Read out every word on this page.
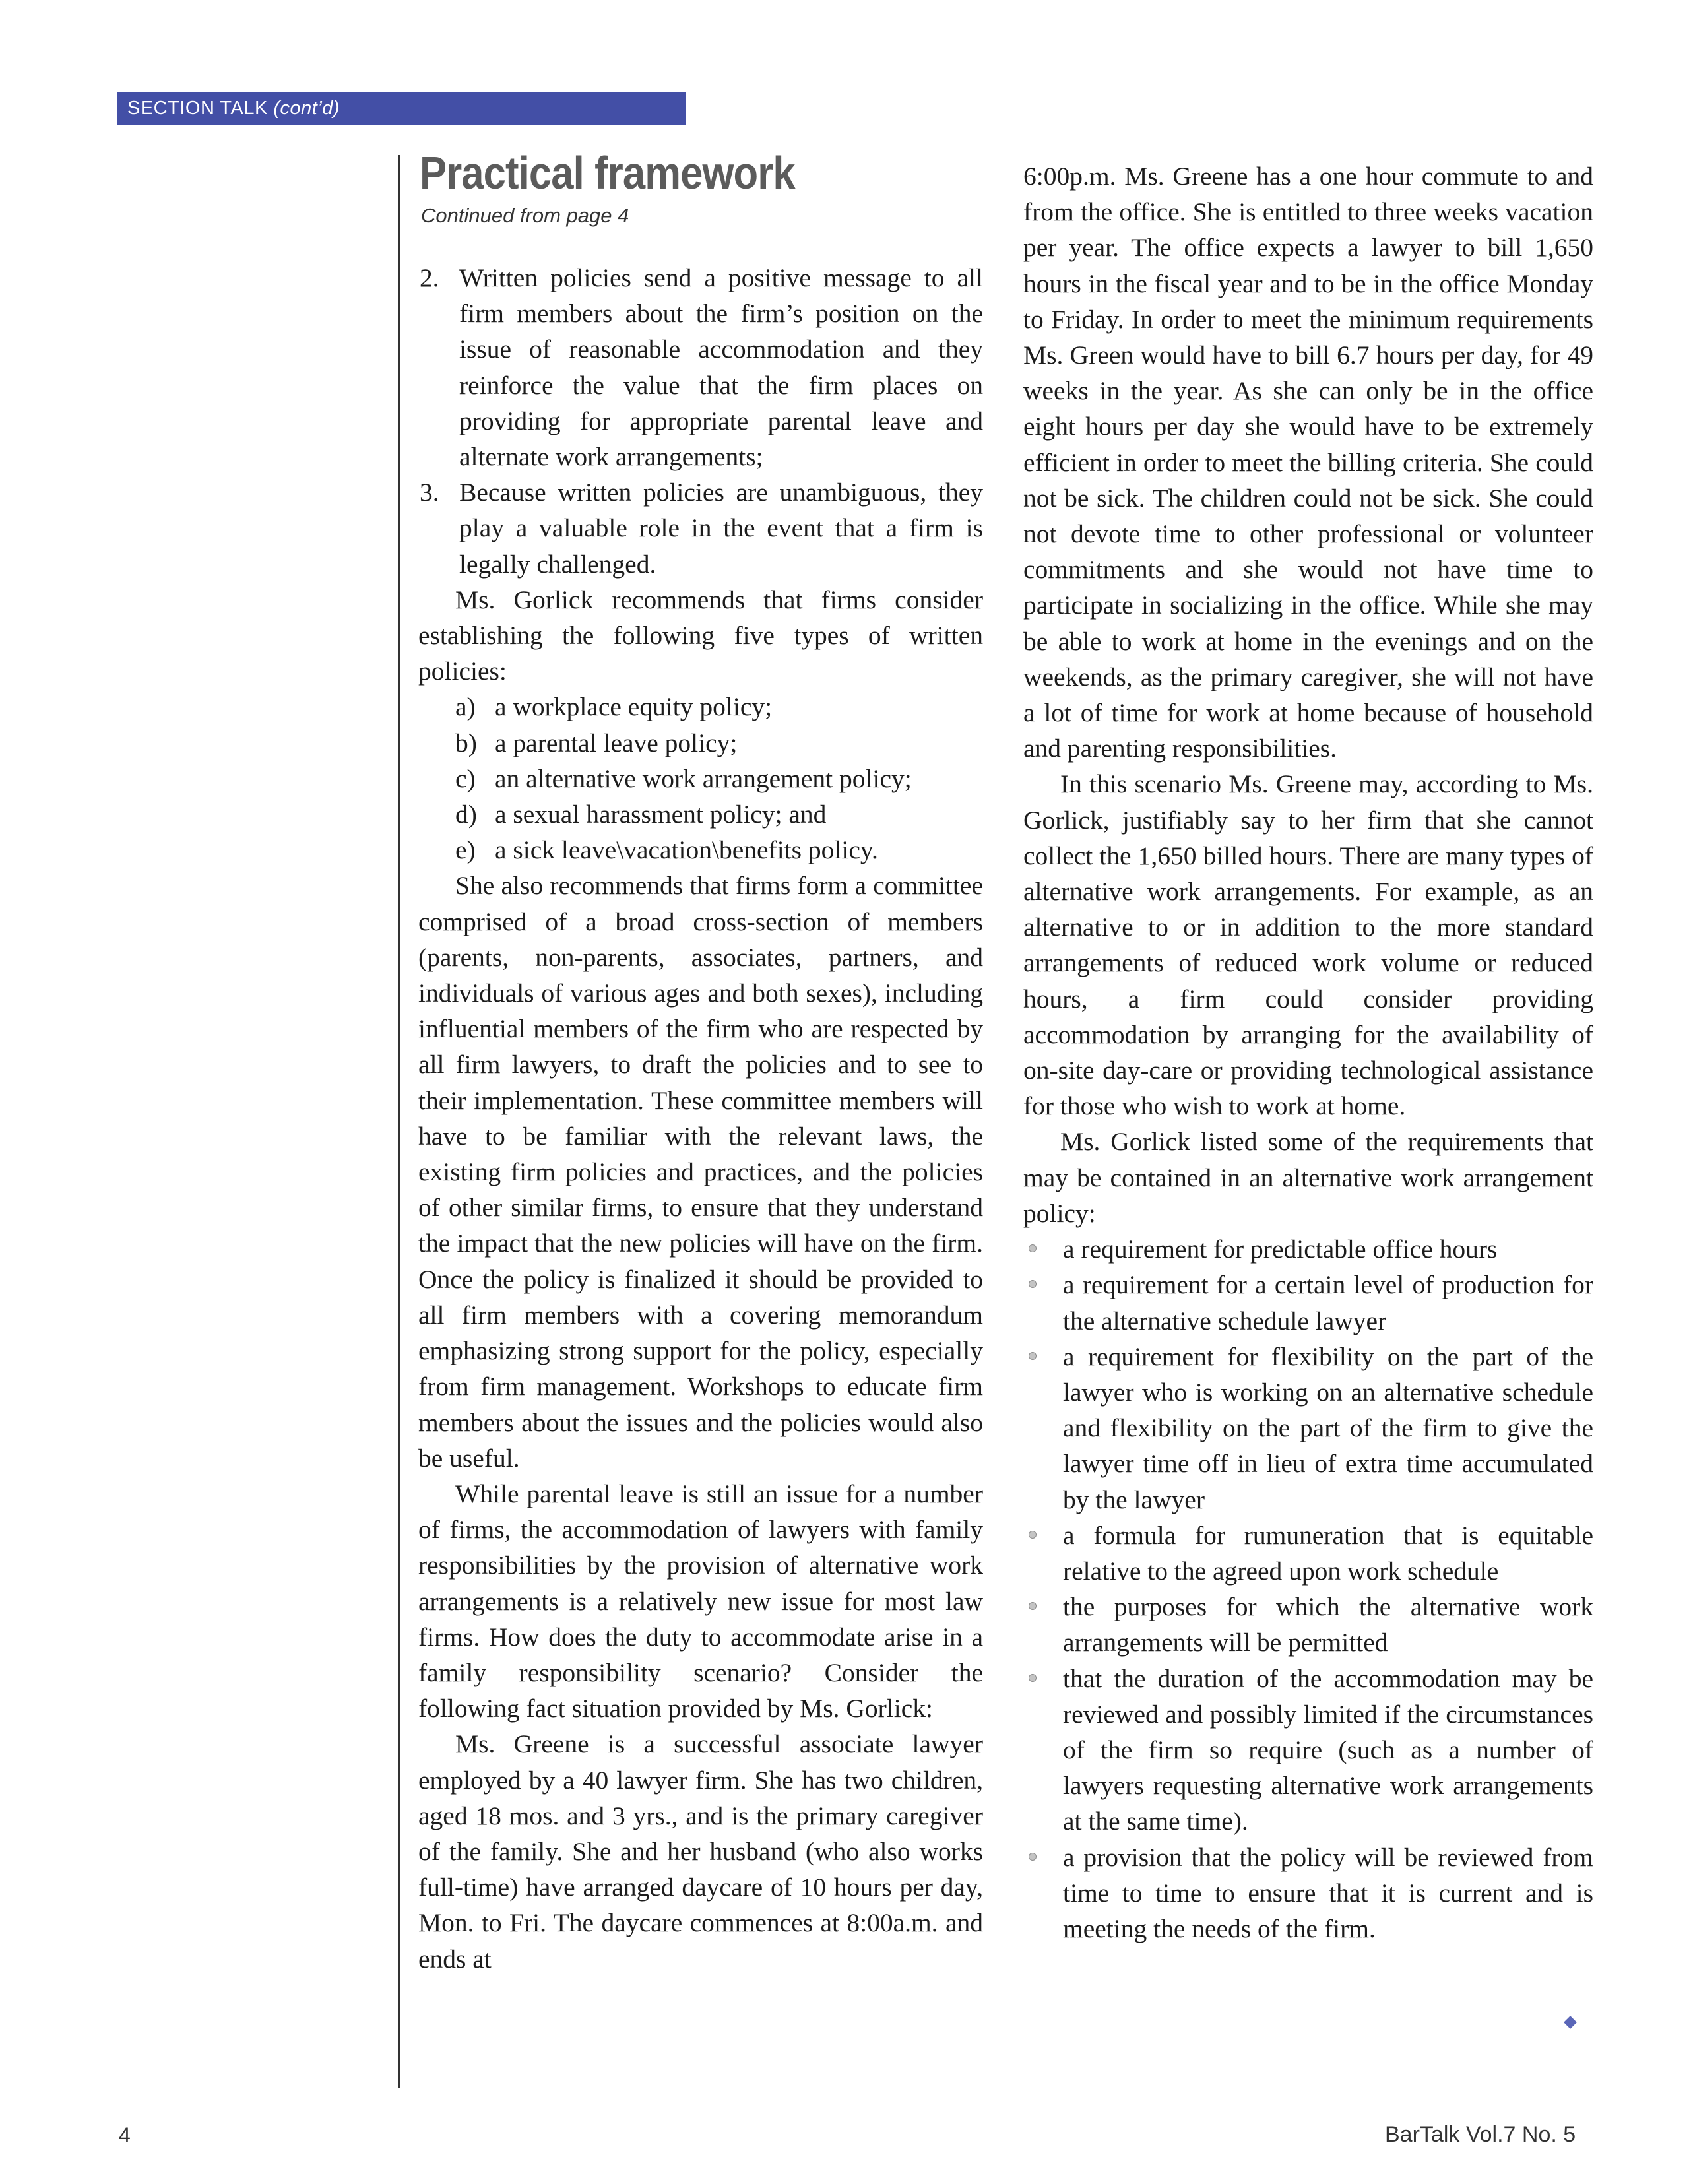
SECTION TALK (cont’d)
Practical framework
Continued from page 4
2. Written policies send a positive message to all firm members about the firm’s position on the issue of reasonable accommodation and they reinforce the value that the firm places on providing for appropriate parental leave and alternate work arrangements;
3. Because written policies are unambiguous, they play a valuable role in the event that a firm is legally challenged.

Ms. Gorlick recommends that firms consider establishing the following five types of written policies:

a) a workplace equity policy;
b) a parental leave policy;
c) an alternative work arrangement policy;
d) a sexual harassment policy; and
e) a sick leave\vacation\benefits policy.

She also recommends that firms form a committee comprised of a broad cross-section of members (parents, non-parents, associates, partners, and individuals of various ages and both sexes), including influential members of the firm who are respected by all firm lawyers, to draft the policies and to see to their implementation. These committee members will have to be familiar with the relevant laws, the existing firm policies and practices, and the policies of other similar firms, to ensure that they understand the impact that the new policies will have on the firm. Once the policy is finalized it should be provided to all firm members with a covering memorandum emphasizing strong support for the policy, especially from firm management. Workshops to educate firm members about the issues and the policies would also be useful.

While parental leave is still an issue for a number of firms, the accommodation of lawyers with family responsibilities by the provision of alternative work arrangements is a relatively new issue for most law firms. How does the duty to accommodate arise in a family responsibility scenario? Consider the following fact situation provided by Ms. Gorlick:

Ms. Greene is a successful associate lawyer employed by a 40 lawyer firm. She has two children, aged 18 mos. and 3 yrs., and is the primary caregiver of the family. She and her husband (who also works full-time) have arranged daycare of 10 hours per day, Mon. to Fri. The daycare commences at 8:00a.m. and ends at

6:00p.m. Ms. Greene has a one hour commute to and from the office. She is entitled to three weeks vacation per year. The office expects a lawyer to bill 1,650 hours in the fiscal year and to be in the office Monday to Friday. In order to meet the minimum requirements Ms. Green would have to bill 6.7 hours per day, for 49 weeks in the year. As she can only be in the office eight hours per day she would have to be extremely efficient in order to meet the billing criteria. She could not be sick. The children could not be sick. She could not devote time to other professional or volunteer commitments and she would not have time to participate in socializing in the office. While she may be able to work at home in the evenings and on the weekends, as the primary caregiver, she will not have a lot of time for work at home because of household and parenting responsibilities.

In this scenario Ms. Greene may, according to Ms. Gorlick, justifiably say to her firm that she cannot collect the 1,650 billed hours. There are many types of alternative work arrangements. For example, as an alternative to or in addition to the more standard arrangements of reduced work volume or reduced hours, a firm could consider providing accommodation by arranging for the availability of on-site day-care or providing technological assistance for those who wish to work at home.

Ms. Gorlick listed some of the requirements that may be contained in an alternative work arrangement policy:

a requirement for predictable office hours
a requirement for a certain level of production for the alternative schedule lawyer
a requirement for flexibility on the part of the lawyer who is working on an alternative schedule and flexibility on the part of the firm to give the lawyer time off in lieu of extra time accumulated by the lawyer
a formula for rumuneration that is equitable relative to the agreed upon work schedule
the purposes for which the alternative work arrangements will be permitted
that the duration of the accommodation may be reviewed and possibly limited if the circumstances of the firm so require (such as a number of lawyers requesting alternative work arrangements at the same time).
a provision that the policy will be reviewed from time to time to ensure that it is current and is meeting the needs of the firm.
4	BarTalk Vol.7 No. 5
